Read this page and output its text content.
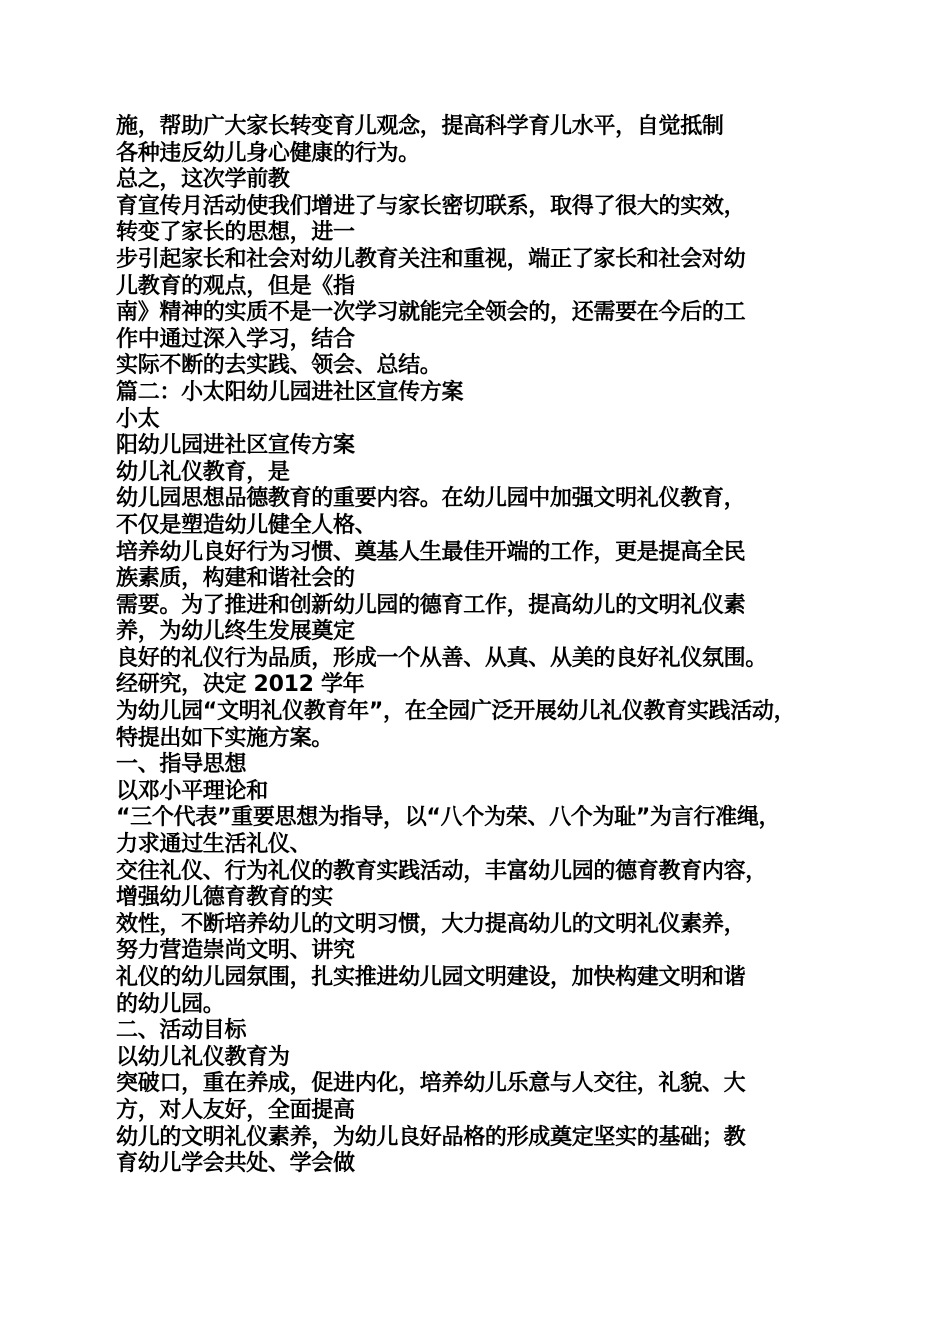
施，帮助广大家长转变育儿观念，提高科学育儿水平，自觉抵制
各种违反幼儿身心健康的行为。
总之，这次学前教
育宣传月活动使我们增进了与家长密切联系，取得了很大的实效，
转变了家长的思想，进一
步引起家长和社会对幼儿教育关注和重视，端正了家长和社会对幼
儿教育的观点，但是《指
南》精神的实质不是一次学习就能完全领会的，还需要在今后的工
作中通过深入学习，结合
实际不断的去实践、领会、总结。
篇二：小太阳幼儿园进社区宣传方案
小太
阳幼儿园进社区宣传方案
幼儿礼仪教育，是
幼儿园思想品德教育的重要内容。在幼儿园中加强文明礼仪教育，
不仅是塑造幼儿健全人格、
培养幼儿良好行为习惯、奠基人生最佳开端的工作，更是提高全民
族素质，构建和谐社会的
需要。为了推进和创新幼儿园的德育工作，提高幼儿的文明礼仪素
养，为幼儿终生发展奠定
良好的礼仪行为品质，形成一个从善、从真、从美的良好礼仪氛围。
经研究，决定 2012 学年
为幼儿园“文明礼仪教育年”，在全园广泛开展幼儿礼仪教育实践活动，
特提出如下实施方案。
一、指导思想
以邓小平理论和
“三个代表”重要思想为指导，以“八个为荣、八个为耻”为言行准绳，
力求通过生活礼仪、
交往礼仪、行为礼仪的教育实践活动，丰富幼儿园的德育教育内容，
增强幼儿德育教育的实
效性，不断培养幼儿的文明习惯，大力提高幼儿的文明礼仪素养，
努力营造崇尚文明、讲究
礼仪的幼儿园氛围，扎实推进幼儿园文明建设，加快构建文明和谐
的幼儿园。
二、活动目标
以幼儿礼仪教育为
突破口，重在养成，促进内化，培养幼儿乐意与人交往，礼貌、大
方，对人友好，全面提高
幼儿的文明礼仪素养，为幼儿良好品格的形成奠定坚实的基础；教
育幼儿学会共处、学会做
